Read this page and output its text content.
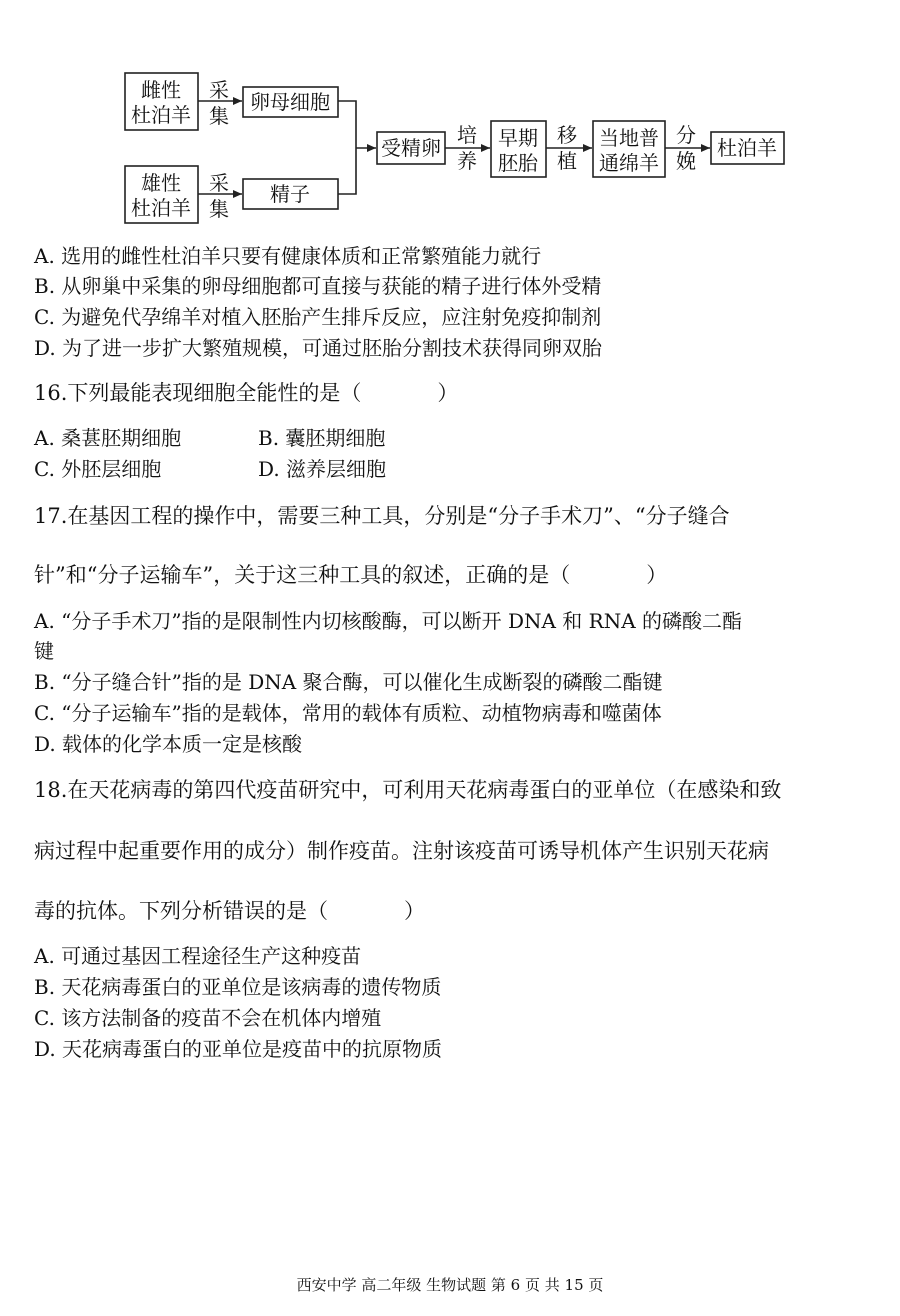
雌性
杜泊羊
采
集
卵母细胞
雄性
杜泊羊
采
集
精子
受精卵
培
养
早期
胚胎
移
植
当地普
通绵羊
分
娩
杜泊羊
A. 选用的雌性杜泊羊只要有健康体质和正常繁殖能力就行
B. 从卵巢中采集的卵母细胞都可直接与获能的精子进行体外受精
C. 为避免代孕绵羊对植入胚胎产生排斥反应，应注射免疫抑制剂
D. 为了进一步扩大繁殖规模，可通过胚胎分割技术获得同卵双胎
16.下列最能表现细胞全能性的是（	）
A. 桑葚胚期细胞	B. 囊胚期细胞
C. 外胚层细胞	D. 滋养层细胞
17.在基因工程的操作中，需要三种工具，分别是“分子手术刀”、“分子缝合
针”和“分子运输车”，关于这三种工具的叙述，正确的是（	）
A. “分子手术刀”指的是限制性内切核酸酶，可以断开 DNA 和 RNA 的磷酸二酯
键
B. “分子缝合针”指的是 DNA 聚合酶，可以催化生成断裂的磷酸二酯键
C. “分子运输车”指的是载体，常用的载体有质粒、动植物病毒和噬菌体
D. 载体的化学本质一定是核酸
18.在天花病毒的第四代疫苗研究中，可利用天花病毒蛋白的亚单位（在感染和致
病过程中起重要作用的成分）制作疫苗。注射该疫苗可诱导机体产生识别天花病
毒的抗体。下列分析错误的是（	）
A. 可通过基因工程途径生产这种疫苗
B. 天花病毒蛋白的亚单位是该病毒的遗传物质
C. 该方法制备的疫苗不会在机体内增殖
D. 天花病毒蛋白的亚单位是疫苗中的抗原物质
西安中学 高二年级 生物试题 第 6 页 共 15 页
